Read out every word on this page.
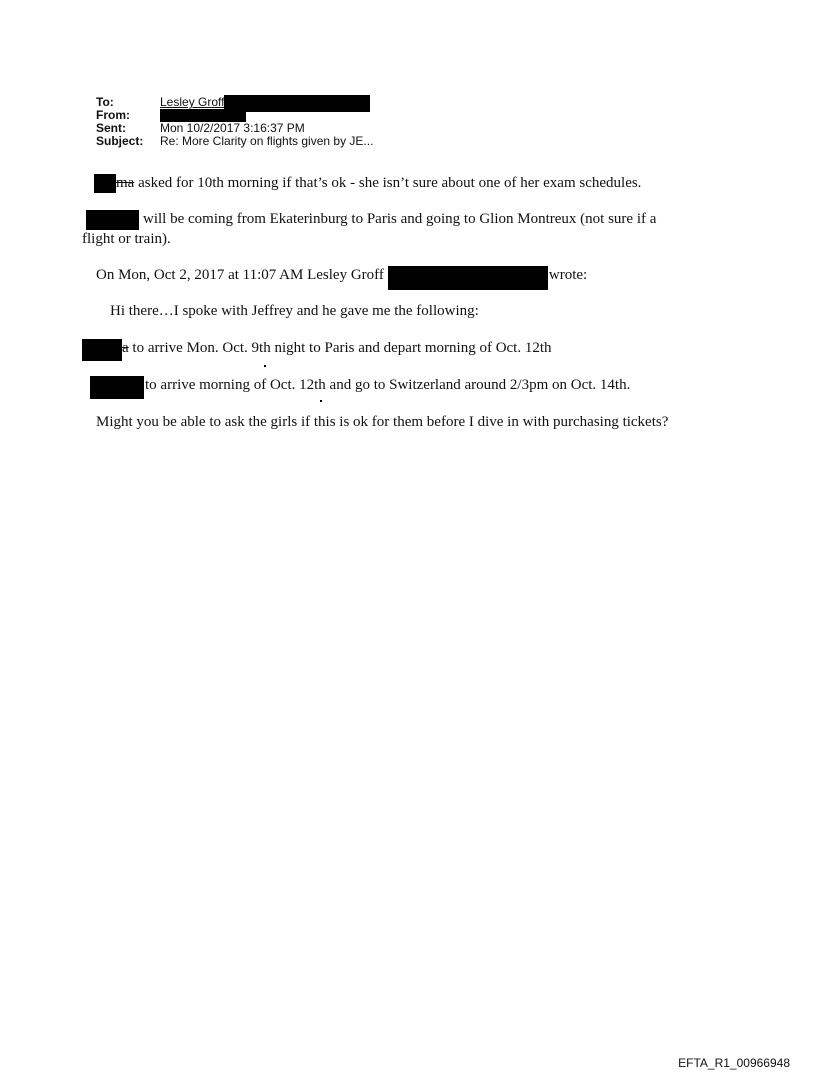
To:	Lesley Groff
From:
Sent:	Mon 10/2/2017 3:16:37 PM
Subject: Re: More Clarity on flights given by JE...
ma asked for 10th morning if that’s ok - she isn’t sure about one of her exam schedules.
will be coming from Ekaterinburg to Paris and going to Glion Montreux (not sure if a
flight or train).
On Mon, Oct 2, 2017 at 11:07 AM Lesley Groff	wrote:
Hi there…I spoke with Jeffrey and he gave me the following:
a to arrive Mon. Oct. 9th night to Paris and depart morning of Oct. 12th
to arrive morning of Oct. 12th and go to Switzerland around 2/3pm on Oct. 14th.
Might you be able to ask the girls if this is ok for them before I dive in with purchasing tickets?
EFTA_R1_00966948
